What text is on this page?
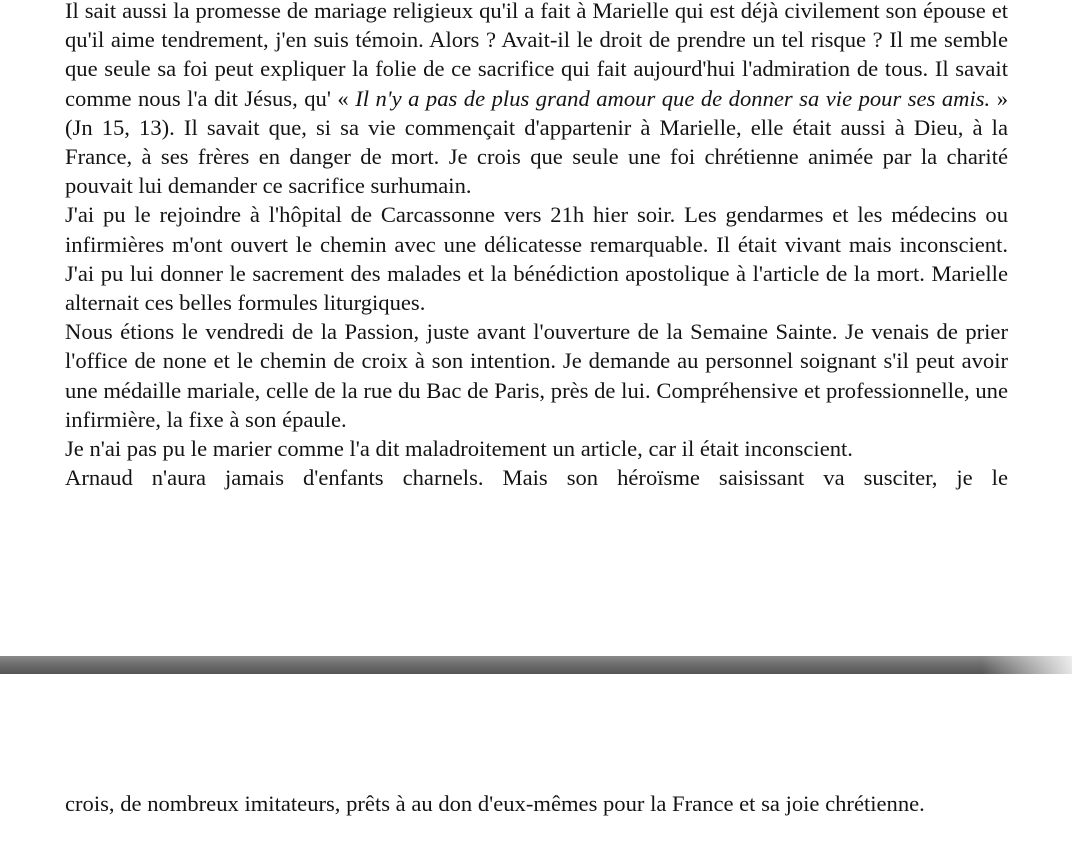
Il sait aussi la promesse de mariage religieux qu'il a fait à Marielle qui est déjà civilement son épouse et qu'il aime tendrement, j'en suis témoin. Alors ? Avait-il le droit de prendre un tel risque ? Il me semble que seule sa foi peut expliquer la folie de ce sacrifice qui fait aujourd'hui l'admiration de tous. Il savait comme nous l'a dit Jésus, qu' « Il n'y a pas de plus grand amour que de donner sa vie pour ses amis. » (Jn 15, 13). Il savait que, si sa vie commençait d'appartenir à Marielle, elle était aussi à Dieu, à la France, à ses frères en danger de mort. Je crois que seule une foi chrétienne animée par la charité pouvait lui demander ce sacrifice surhumain.

J'ai pu le rejoindre à l'hôpital de Carcassonne vers 21h hier soir. Les gendarmes et les médecins ou infirmières m'ont ouvert le chemin avec une délicatesse remarquable. Il était vivant mais inconscient. J'ai pu lui donner le sacrement des malades et la bénédiction apostolique à l'article de la mort. Marielle alternait ces belles formules liturgiques.

Nous étions le vendredi de la Passion, juste avant l'ouverture de la Semaine Sainte. Je venais de prier l'office de none et le chemin de croix à son intention. Je demande au personnel soignant s'il peut avoir une médaille mariale, celle de la rue du Bac de Paris, près de lui. Compréhensive et professionnelle, une infirmière, la fixe à son épaule.

Je n'ai pas pu le marier comme l'a dit maladroitement un article, car il était inconscient.

Arnaud n'aura jamais d'enfants charnels. Mais son héroïsme saisissant va susciter, je le

crois, de nombreux imitateurs, prêts à au don d'eux-mêmes pour la France et sa joie chrétienne.
